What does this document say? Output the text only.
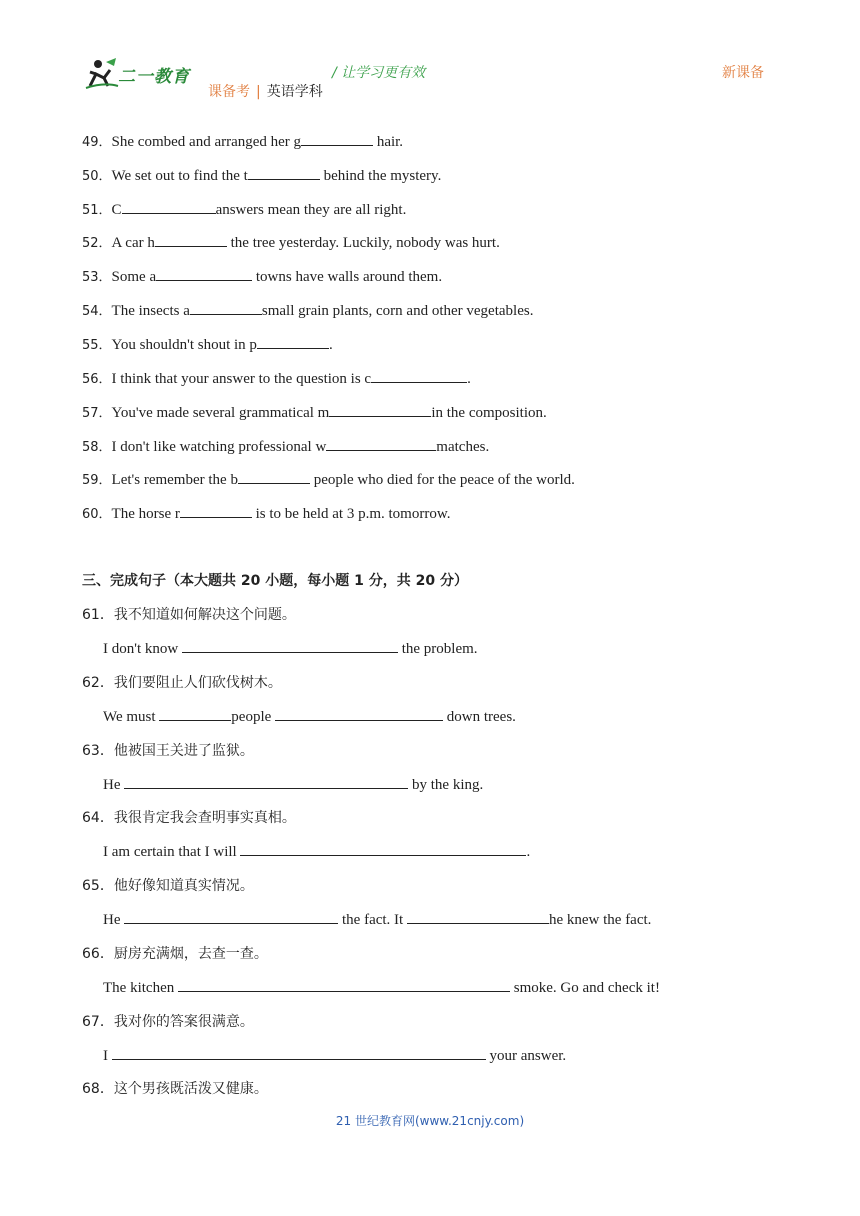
二一教育	/ 让学习更有效	新课备
课备考 | 英语学科
49．She combed and arranged her g	hair.
50．We set out to find the t	behind the mystery.
51．C	answers mean they are all right.
52．A car h	the tree yesterday. Luckily, nobody was hurt.
53．Some a	towns have walls around them.
54．The insects a	small grain plants, corn and other vegetables.
55．You shouldn't shout in p	.
56．I think that your answer to the question is c	.
57．You've made several grammatical m	in the composition.
58．I don't like watching professional w	matches.
59．Let's remember the b	people who died for the peace of the world.
60．The horse r	is to be held at 3 p.m. tomorrow.
三、完成句子（本大题共 20 小题，每小题 1 分，共 20 分）
61．我不知道如何解决这个问题。
I don't know	the problem.
62．我们要阻止人们砍伐树木。
We must	people	down trees.
63．他被国王关进了监狱。
He	by the king.
64．我很肯定我会查明事实真相。
I am certain that I will	.
65．他好像知道真实情况。
He	the fact. It	he knew the fact.
66．厨房充满烟，去查一查。
The kitchen	smoke. Go and check it!
67．我对你的答案很满意。
I	your answer.
68．这个男孩既活泼又健康。
21 世纪教育网(www.21cnjy.com)
